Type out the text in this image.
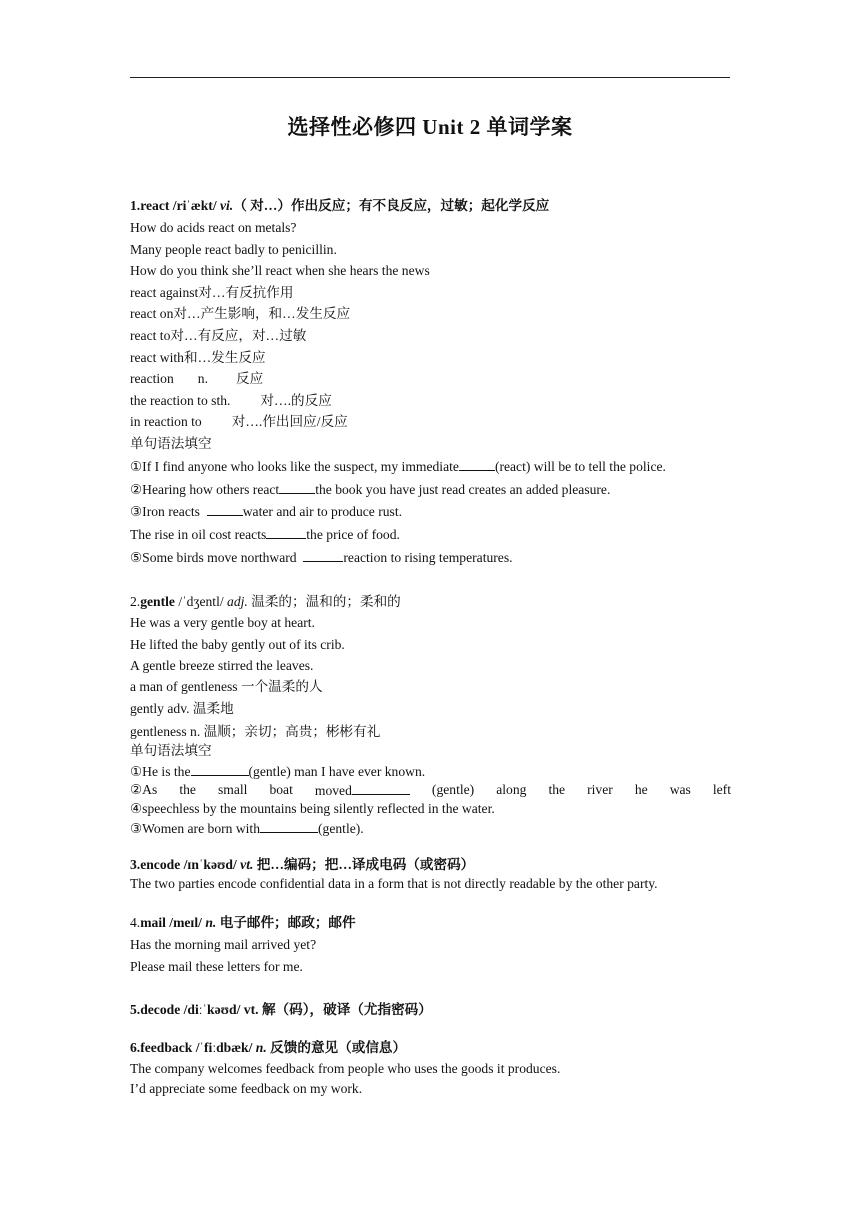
选择性必修四 Unit 2 单词学案
1.react /riˈækt/ vi.（ 对…）作出反应；有不良反应，过敏；起化学反应
How do acids react on metals?
Many people react badly to penicillin.
How do you think she’ll react when she hears the news
react against对…有反抗作用
react on对…产生影响，和…发生反应
react to对…有反应，对…过敏
react with和…发生反应
reaction n. 反应
the reaction to sth. 对….的反应
in reaction to 对….作出回应/反应
单句语法填空
①If I find anyone who looks like the suspect, my immediate	(react) will be to tell the police.
②Hearing how others react	the book you have just read creates an added pleasure.
③Iron reacts	water and air to produce rust.
The rise in oil cost reacts	the price of food.
⑤Some birds move northward	reaction to rising temperatures.
2.gentle /ˈdʒentl/ adj. 温柔的；温和的；柔和的
He was a very gentle boy at heart.
He lifted the baby gently out of its crib.
A gentle breeze stirred the leaves.
a man of gentleness 一个温柔的人
gently adv. 温柔地
gentleness n. 温顺；亲切；高贵；彬彬有礼
单句语法填空
①He is the	(gentle) man I have ever known.
②As the small boat moved	(gentle) along the river he was left
④speechless by the mountains being silently reflected in the water.
③Women are born with	(gentle).
3.encode /ɪnˈkəʊd/ vt. 把…编码；把…译成电码（或密码）
The two parties encode confidential data in a form that is not directly readable by the other party.
4.mail /meɪl/ n. 电子邮件；邮政；邮件
Has the morning mail arrived yet?
Please mail these letters for me.
5.decode /diːˈkəʊd/ vt. 解（码），破译（尤指密码）
6.feedback /ˈfiːdbæk/ n. 反馈的意见（或信息）
The company welcomes feedback from people who uses the goods it produces.
I’d appreciate some feedback on my work.
